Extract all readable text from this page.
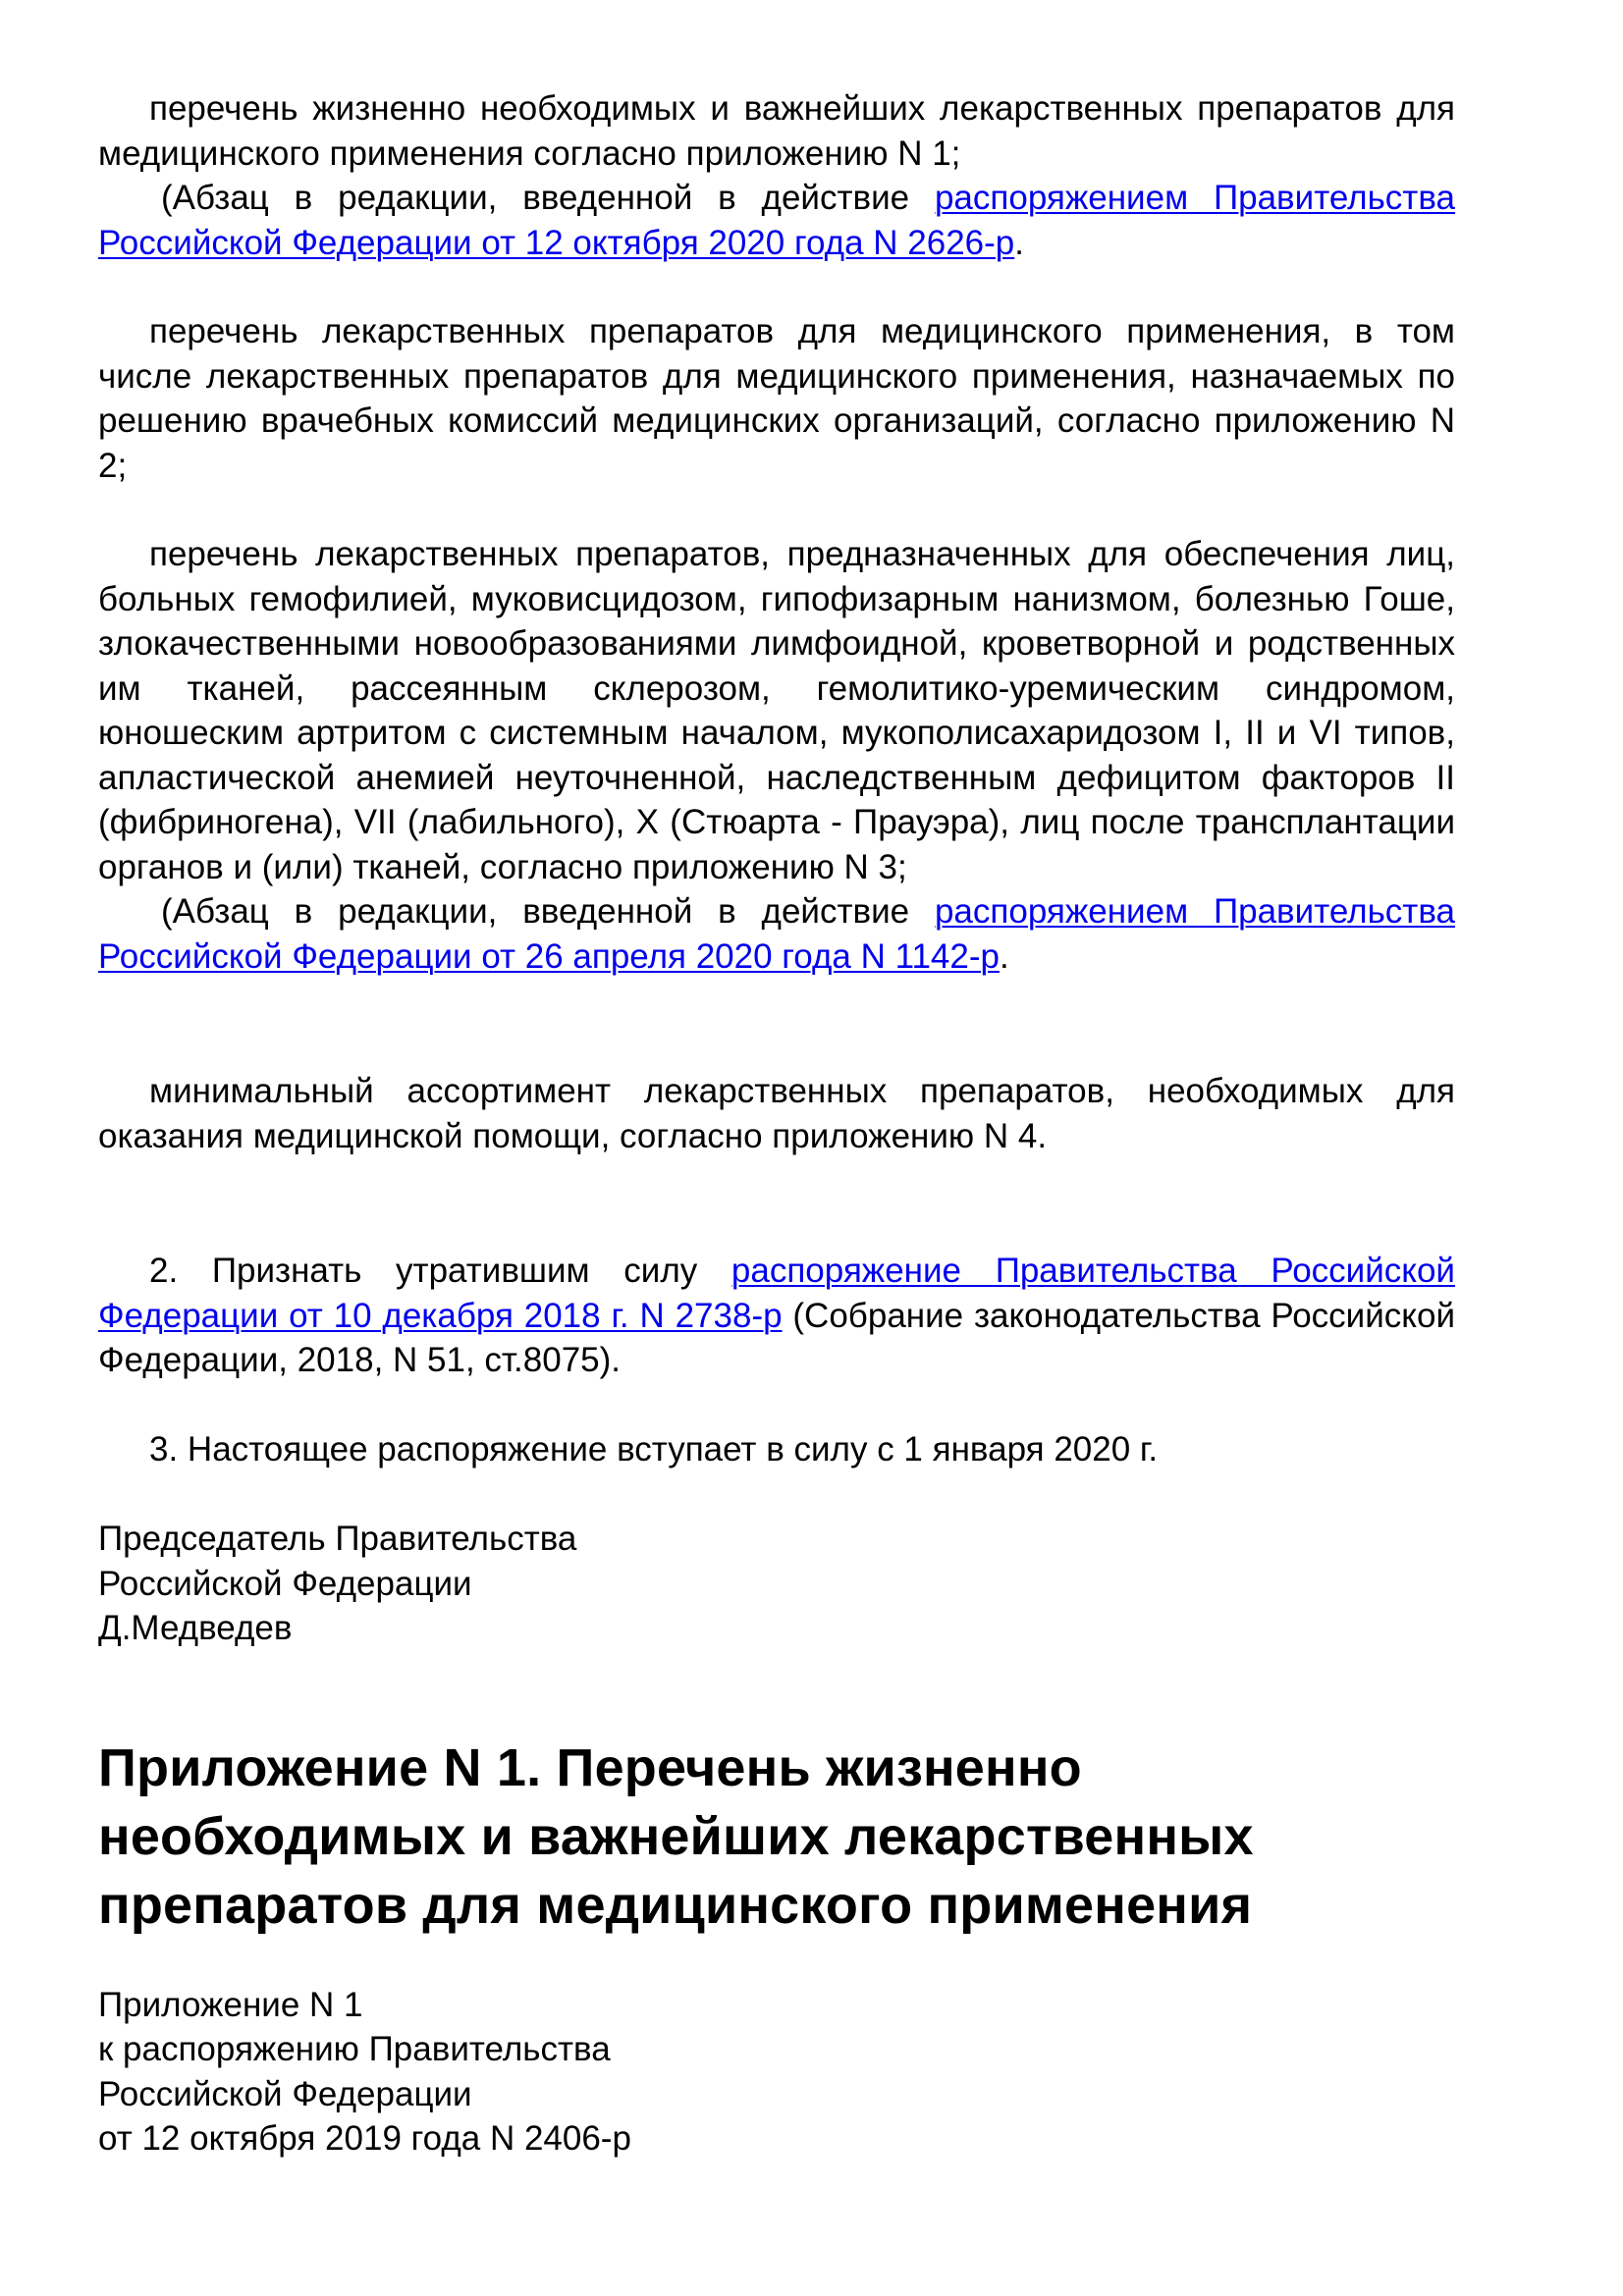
перечень жизненно необходимых и важнейших лекарственных препаратов для медицинского применения согласно приложению N 1;

(Абзац в редакции, введенной в действие распоряжением Правительства Российской Федерации от 12 октября 2020 года N 2626-р.

перечень лекарственных препаратов для медицинского применения, в том числе лекарственных препаратов для медицинского применения, назначаемых по решению врачебных комиссий медицинских организаций, согласно приложению N 2;

перечень лекарственных препаратов, предназначенных для обеспечения лиц, больных гемофилией, муковисцидозом, гипофизарным нанизмом, болезнью Гоше, злокачественными новообразованиями лимфоидной, кроветворной и родственных им тканей, рассеянным склерозом, гемолитико-уремическим синдромом, юношеским артритом с системным началом, мукополисахаридозом I, II и VI типов, апластической анемией неуточненной, наследственным дефицитом факторов II (фибриногена), VII (лабильного), X (Стюарта - Прауэра), лиц после трансплантации органов и (или) тканей, согласно приложению N 3;

(Абзац в редакции, введенной в действие распоряжением Правительства Российской Федерации от 26 апреля 2020 года N 1142-р.

минимальный ассортимент лекарственных препаратов, необходимых для оказания медицинской помощи, согласно приложению N 4.

2. Признать утратившим силу распоряжение Правительства Российской Федерации от 10 декабря 2018 г. N 2738-р (Собрание законодательства Российской Федерации, 2018, N 51, ст.8075).

3. Настоящее распоряжение вступает в силу с 1 января 2020 г.

Председатель Правительства
Российской Федерации
Д.Медведев
Приложение N 1. Перечень жизненно необходимых и важнейших лекарственных препаратов для медицинского применения
Приложение N 1
к распоряжению Правительства
Российской Федерации
от 12 октября 2019 года N 2406-р
